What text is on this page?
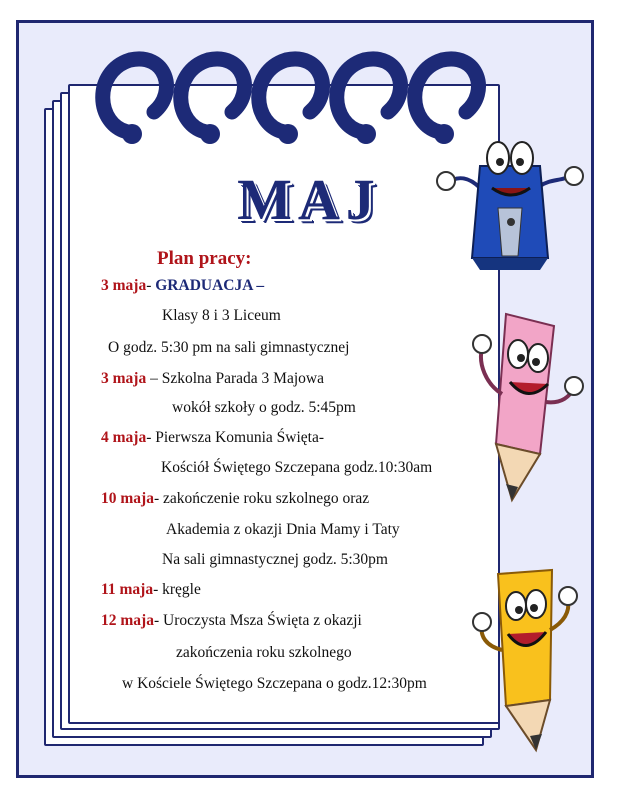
MAJ
Plan pracy:
3 maja- GRADUACJA –
Klasy 8 i 3 Liceum
O godz. 5:30 pm na sali gimnastycznej
3 maja – Szkolna Parada 3 Majowa
wokół szkoły o godz. 5:45pm
4 maja- Pierwsza Komunia Święta-
Kościół Świętego Szczepana godz.10:30am
10 maja- zakończenie roku szkolnego oraz
Akademia z okazji Dnia Mamy i Taty
Na sali gimnastycznej godz. 5:30pm
11 maja- kręgle
12 maja- Uroczysta Msza Święta z okazji
zakończenia roku szkolnego
w Kościele Świętego Szczepana o godz.12:30pm
